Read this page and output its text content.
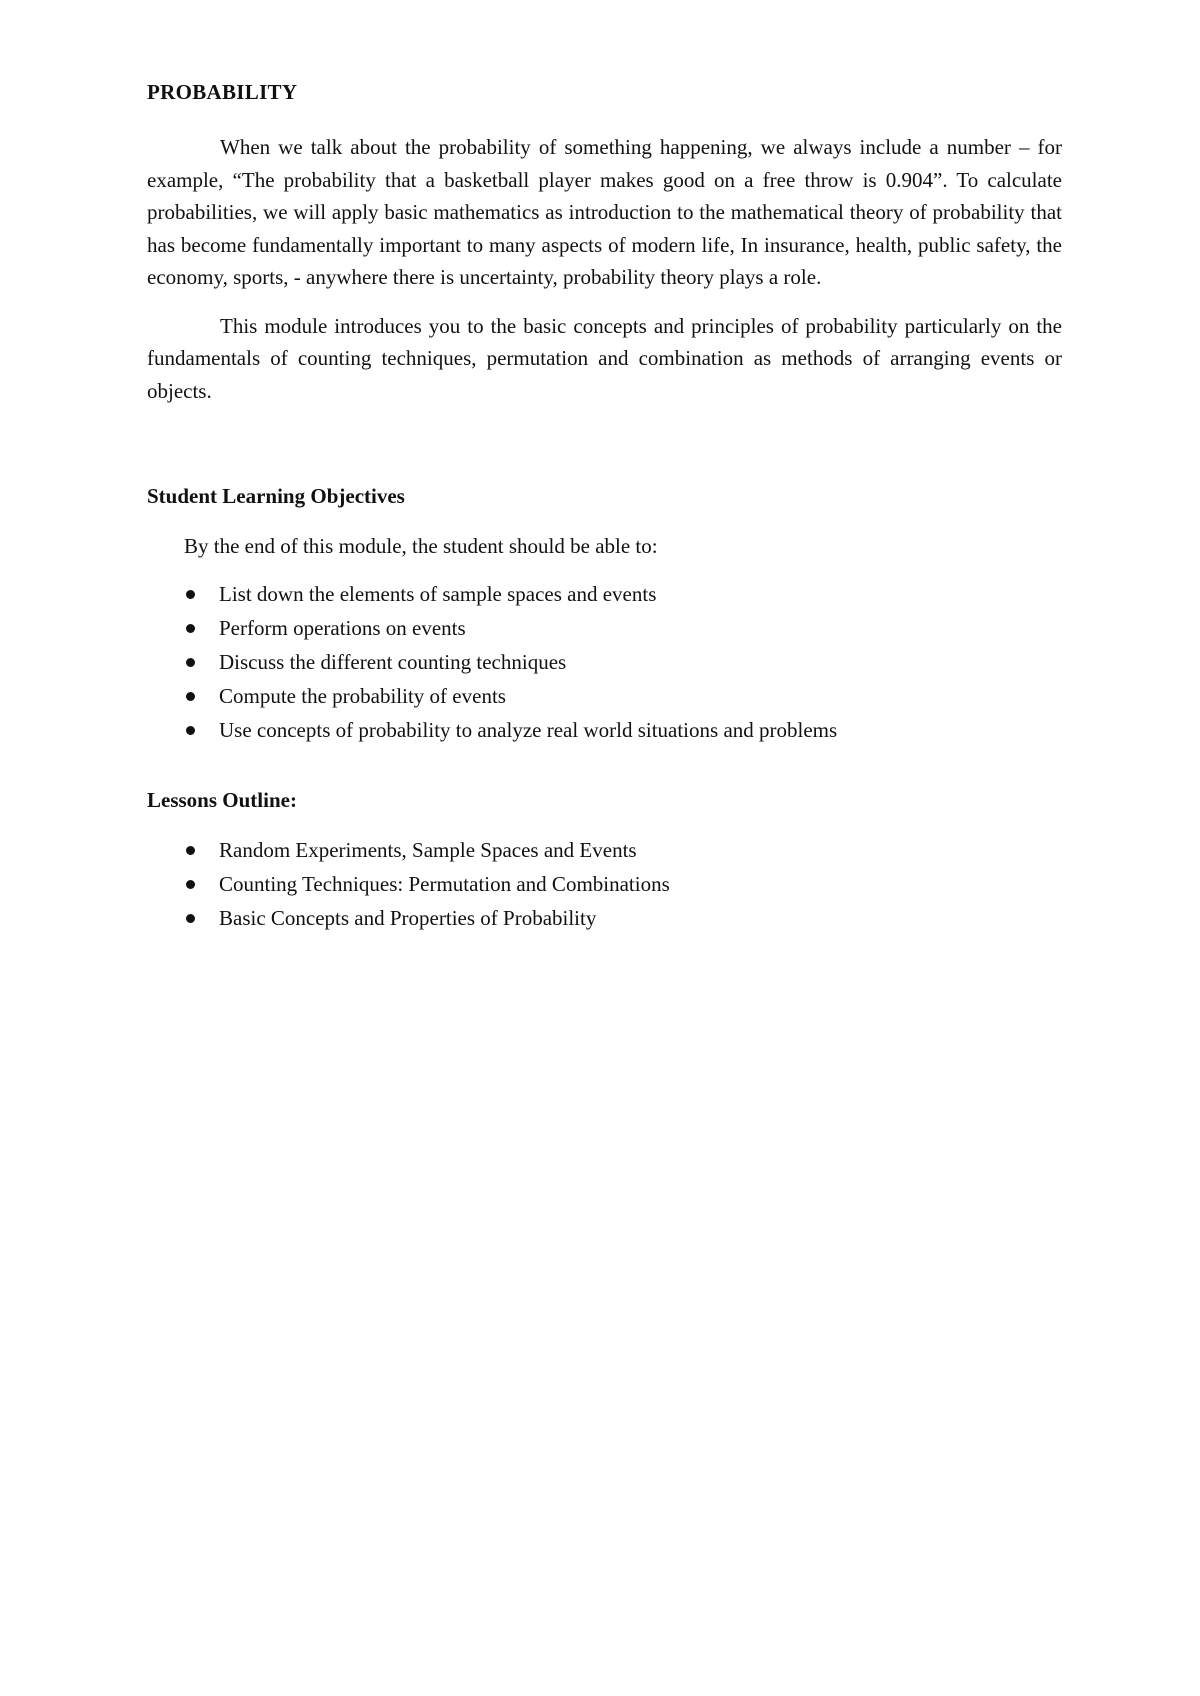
PROBABILITY

When we talk about the probability of something happening, we always include a number – for example, “The probability that a basketball player makes good on a free throw is 0.904”. To calculate probabilities, we will apply basic mathematics as introduction to the mathematical theory of probability that has become fundamentally important to many aspects of modern life, In insurance, health, public safety, the economy, sports, - anywhere there is uncertainty, probability theory plays a role.

This module introduces you to the basic concepts and principles of probability particularly on the fundamentals of counting techniques, permutation and combination as methods of arranging events or objects.

Student Learning Objectives
By the end of this module, the student should be able to:
List down the elements of sample spaces and events
Perform operations on events
Discuss the different counting techniques
Compute the probability of events
Use concepts of probability to analyze real world situations and problems
Lessons Outline:
Random Experiments, Sample Spaces and Events
Counting Techniques: Permutation and Combinations
Basic Concepts and Properties of Probability
